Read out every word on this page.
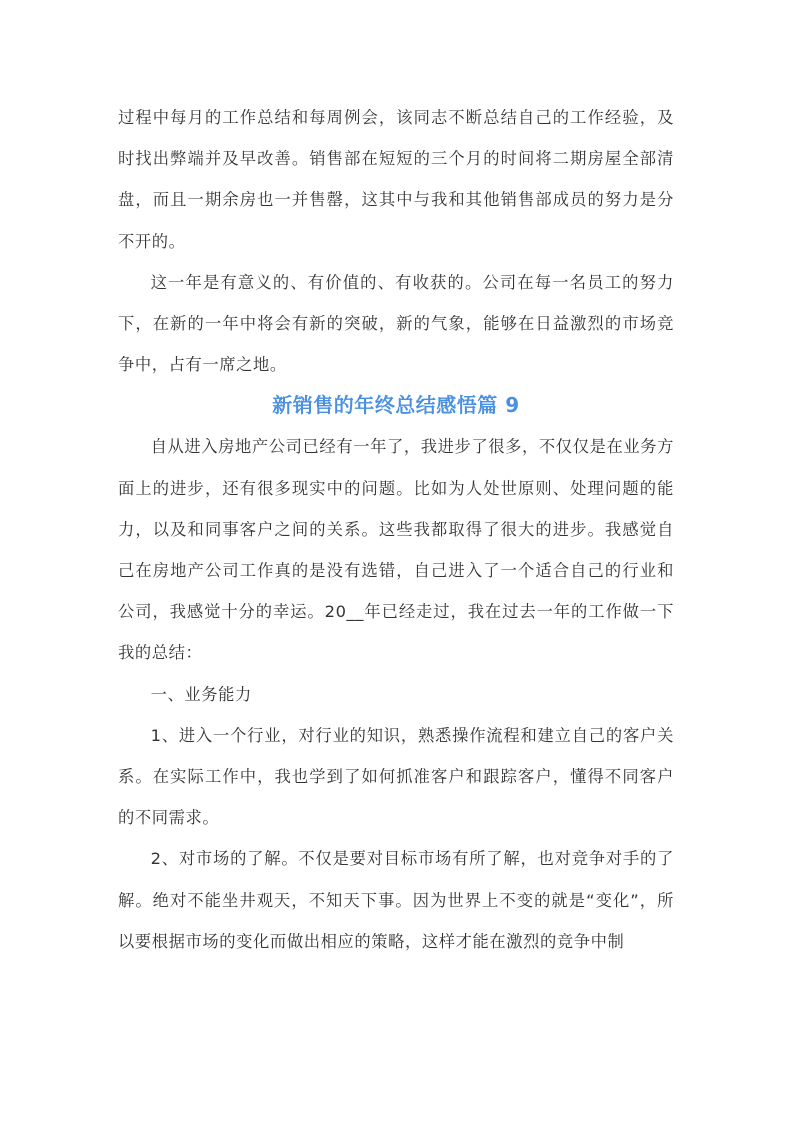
过程中每月的工作总结和每周例会，该同志不断总结自己的工作经验，及时找出弊端并及早改善。销售部在短短的三个月的时间将二期房屋全部清盘，而且一期余房也一并售罄，这其中与我和其他销售部成员的努力是分不开的。

这一年是有意义的、有价值的、有收获的。公司在每一名员工的努力下，在新的一年中将会有新的突破，新的气象，能够在日益激烈的市场竞争中，占有一席之地。

新销售的年终总结感悟篇 9

自从进入房地产公司已经有一年了，我进步了很多，不仅仅是在业务方面上的进步，还有很多现实中的问题。比如为人处世原则、处理问题的能力，以及和同事客户之间的关系。这些我都取得了很大的进步。我感觉自己在房地产公司工作真的是没有选错，自己进入了一个适合自己的行业和公司，我感觉十分的幸运。20__年已经走过，我在过去一年的工作做一下我的总结：

一、业务能力

1、进入一个行业，对行业的知识，熟悉操作流程和建立自己的客户关系。在实际工作中，我也学到了如何抓准客户和跟踪客户，懂得不同客户的不同需求。

2、对市场的了解。不仅是要对目标市场有所了解，也对竞争对手的了解。绝对不能坐井观天，不知天下事。因为世界上不变的就是“变化”，所以要根据市场的变化而做出相应的策略，这样才能在激烈的竞争中制
